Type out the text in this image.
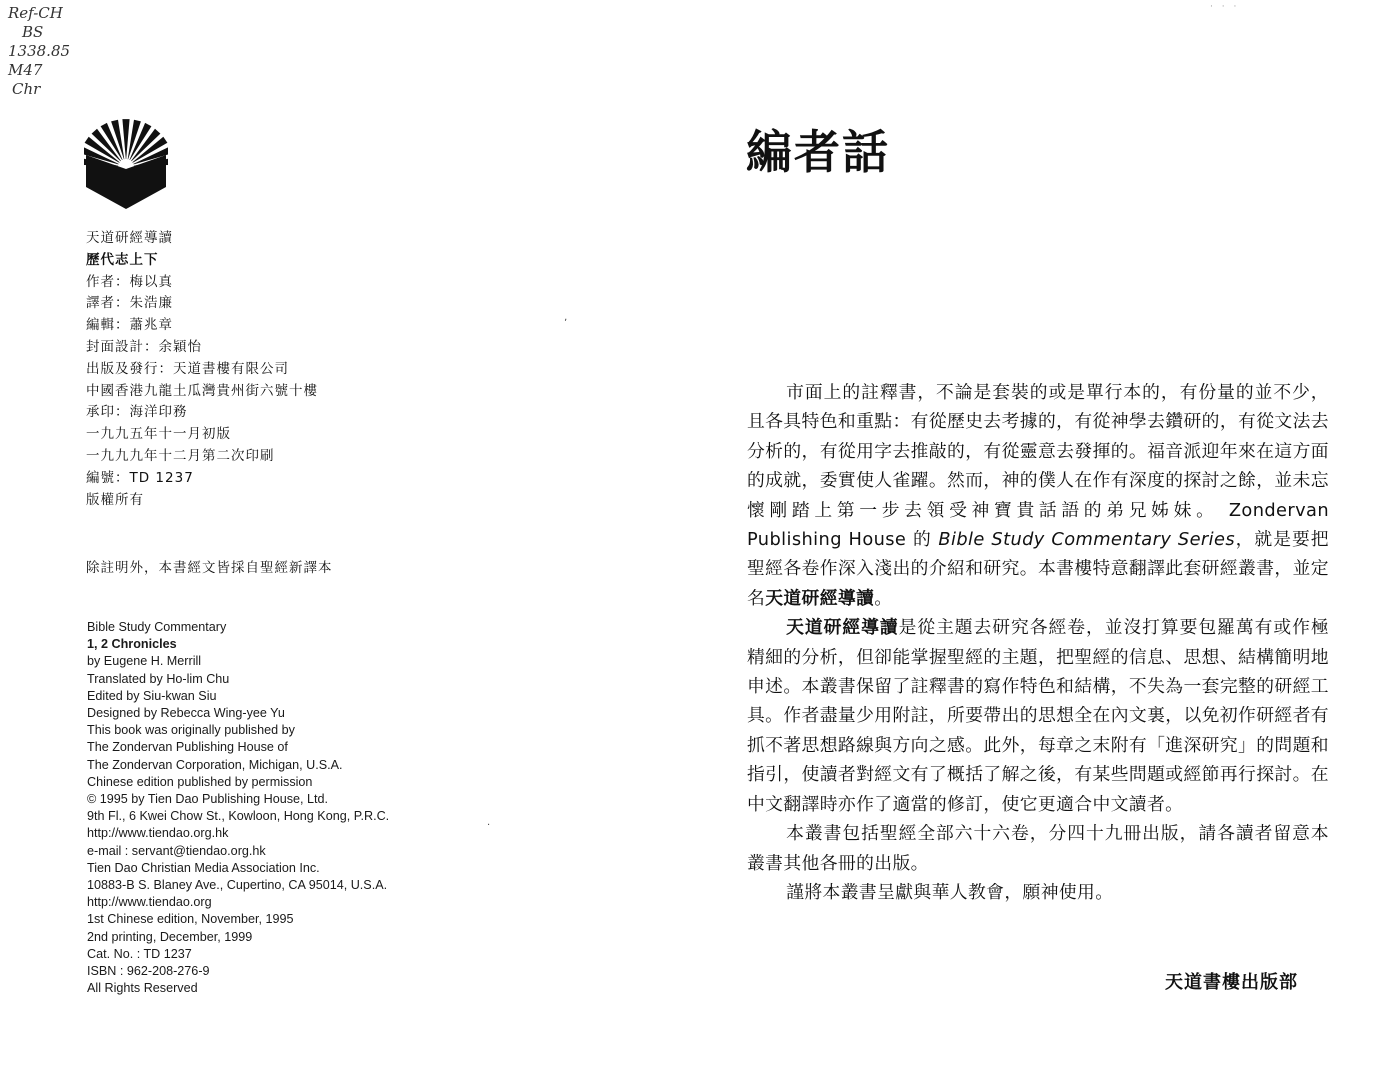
Ref-CH
BS
1338.85
M47
Chr
· · ·
ʼ
·
天道研經導讀
歷代志上下
作者：梅以真
譯者：朱浩廉
編輯：蕭兆章
封面設計：余穎怡
出版及發行：天道書樓有限公司
中國香港九龍土瓜灣貴州街六號十樓
承印：海洋印務
一九九五年十一月初版
一九九九年十二月第二次印刷
編號：TD 1237
版權所有
除註明外，本書經文皆採自聖經新譯本
Bible Study Commentary
1, 2 Chronicles
by Eugene H. Merrill
Translated by Ho-lim Chu
Edited by Siu-kwan Siu
Designed by Rebecca Wing-yee Yu
This book was originally published by
The Zondervan Publishing House of
The Zondervan Corporation, Michigan, U.S.A.
Chinese edition published by permission
© 1995 by Tien Dao Publishing House, Ltd.
9th Fl., 6 Kwei Chow St., Kowloon, Hong Kong, P.R.C.
http://www.tiendao.org.hk
e-mail : servant@tiendao.org.hk
Tien Dao Christian Media Association Inc.
10883-B S. Blaney Ave., Cupertino, CA 95014, U.S.A.
http://www.tiendao.org
1st Chinese edition, November, 1995
2nd printing, December, 1999
Cat. No. : TD 1237
ISBN : 962-208-276-9
All Rights Reserved
編者話

市面上的註釋書，不論是套裝的或是單行本的，有份量的並不少，且各具特色和重點：有從歷史去考據的，有從神學去鑽研的，有從文法去分析的，有從用字去推敲的，有從靈意去發揮的。福音派迎年來在這方面的成就，委實使人雀躍。然而，神的僕人在作有深度的探討之餘，並未忘懷剛踏上第一步去領受神寶貴話語的弟兄姊妹。 Zondervan Publishing House 的 Bible Study Commentary Series，就是要把聖經各卷作深入淺出的介紹和研究。本書樓特意翻譯此套研經叢書，並定名天道研經導讀。

天道研經導讀是從主題去研究各經卷，並沒打算要包羅萬有或作極精細的分析，但卻能掌握聖經的主題，把聖經的信息、思想、結構簡明地申述。本叢書保留了註釋書的寫作特色和結構，不失為一套完整的研經工具。作者盡量少用附註，所要帶出的思想全在內文裏，以免初作研經者有抓不著思想路線與方向之感。此外，每章之末附有「進深研究」的問題和指引，使讀者對經文有了概括了解之後，有某些問題或經節再行探討。在中文翻譯時亦作了適當的修訂，使它更適合中文讀者。

本叢書包括聖經全部六十六卷，分四十九冊出版，請各讀者留意本叢書其他各冊的出版。

謹將本叢書呈獻與華人教會，願神使用。

天道書樓出版部
